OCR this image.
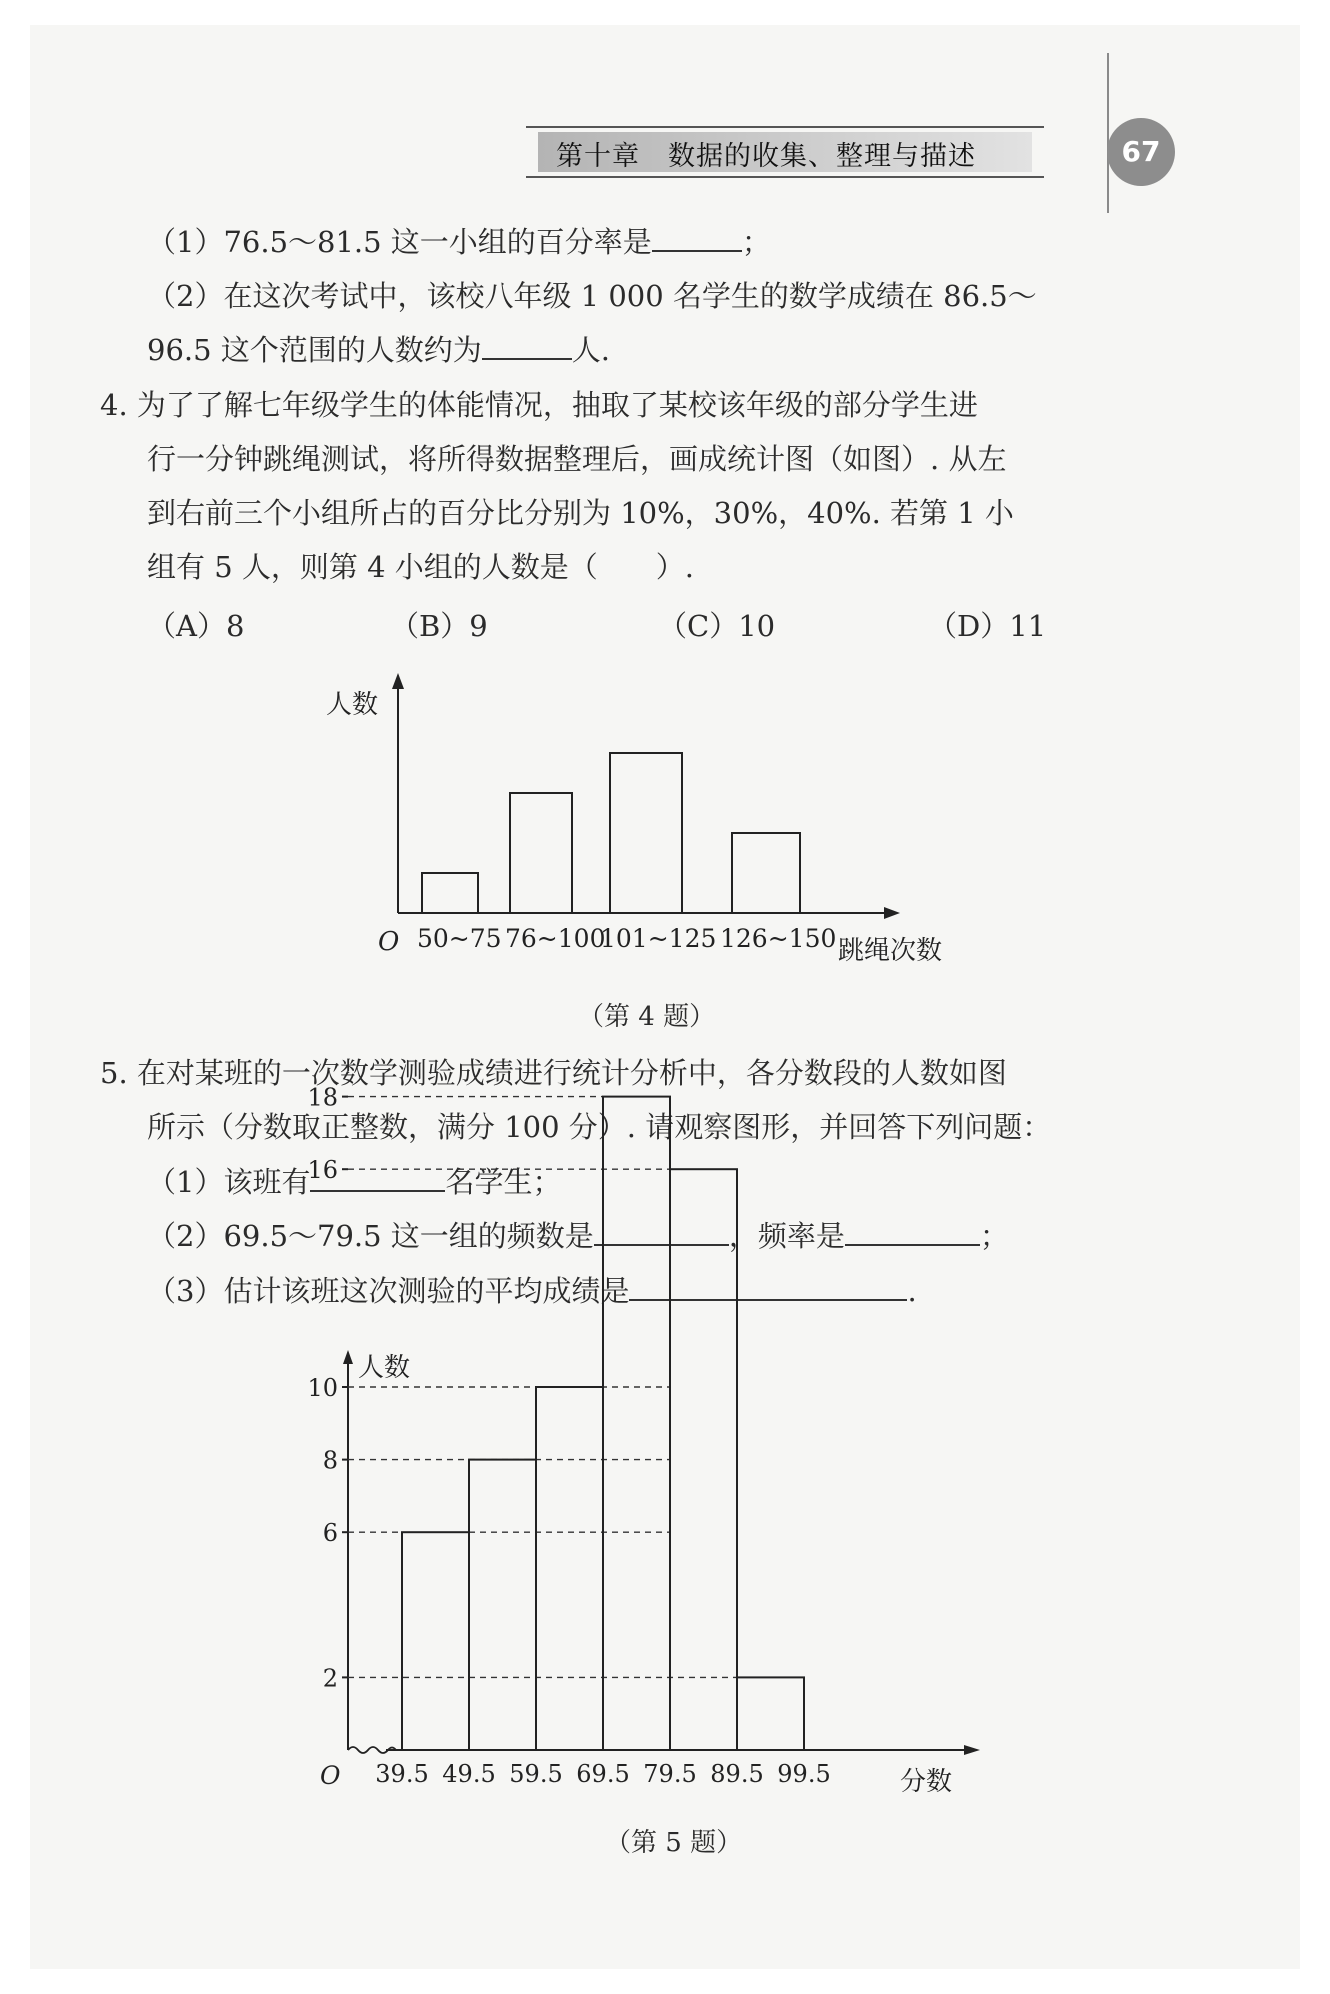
第十章　数据的收集、整理与描述	67
（1）76.5～81.5 这一小组的百分率是	；
（2）在这次考试中，该校八年级 1 000 名学生的数学成绩在 86.5～
96.5 这个范围的人数约为	人.
4. 为了了解七年级学生的体能情况，抽取了某校该年级的部分学生进
行一分钟跳绳测试，将所得数据整理后，画成统计图（如图）. 从左
到右前三个小组所占的百分比分别为 10%，30%，40%. 若第 1 小
组有 5 人，则第 4 小组的人数是（　　）.
（A）8	（B）9	（C）10	（D）11
人数
O	跳绳次数
50~75 76~100
101~125 126~150
（第 4 题）
5. 在对某班的一次数学测验成绩进行统计分析中，各分数段的人数如图
所示（分数取正整数，满分 100 分）. 请观察图形，并回答下列问题：
（1）该班有	名学生；
（2）69.5～79.5 这一组的频数是	，频率是	；
（3）估计该班这次测验的平均成绩是	.
人数
O	分数
2
6
8
10
16
18
39.5 49.5 59.5 69.5 79.5 89.5 99.5
（第 5 题）
